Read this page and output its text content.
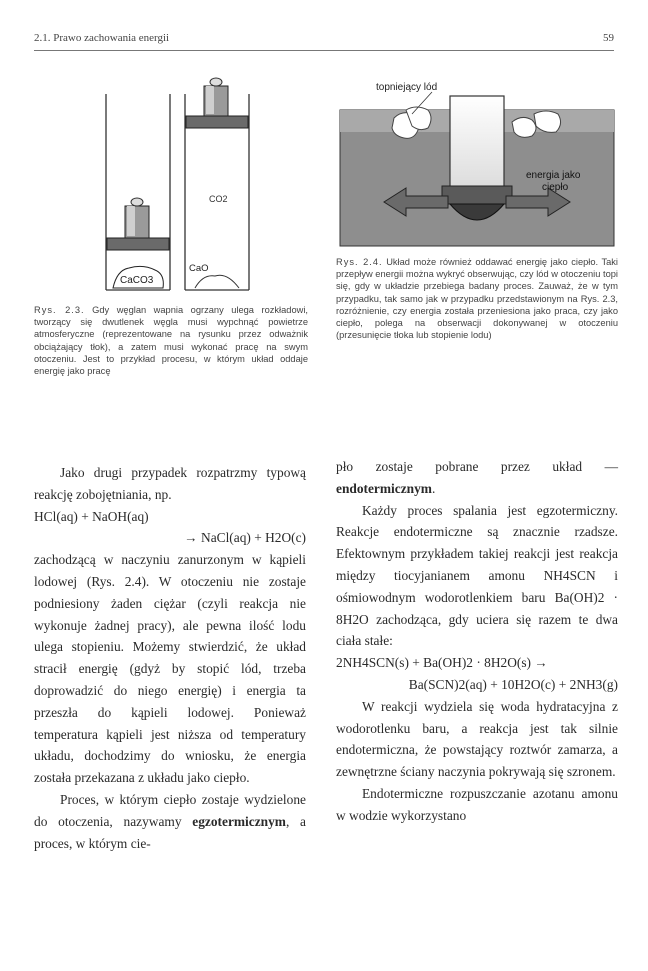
2.1. Prawo zachowania energii	59
CaCO3
CO2
CaO
topniejący lód
energia jako
ciepło
Rys. 2.3. Gdy węglan wapnia ogrzany ulega rozkładowi, tworzący się dwutlenek węgla musi wypchnąć powietrze atmosferyczne (reprezentowane na rysunku przez odważnik obciążający tłok), a zatem musi wykonać pracę na swym otoczeniu. Jest to przykład procesu, w którym układ oddaje energię jako pracę
Rys. 2.4. Układ może również oddawać energię jako ciepło. Taki przepływ energii można wykryć obserwując, czy lód w otoczeniu topi się, gdy w układzie przebiega badany proces. Zauważ, że w tym przypadku, tak samo jak w przypadku przedstawionym na Rys. 2.3, rozróżnienie, czy energia została przeniesiona jako praca, czy jako ciepło, polega na obserwacji dokonywanej w otoczeniu (przesunięcie tłoka lub stopienie lodu)

Jako drugi przypadek rozpatrzmy typową reakcję zobojętniania, np.

HCl(aq) + NaOH(aq)

→ NaCl(aq) + H2O(c)

zachodzącą w naczyniu zanurzonym w kąpieli lodowej (Rys. 2.4). W otoczeniu nie zostaje podniesiony żaden ciężar (czyli reakcja nie wykonuje żadnej pracy), ale pewna ilość lodu ulega stopieniu. Możemy stwierdzić, że układ stracił energię (gdyż by stopić lód, trzeba doprowadzić do niego energię) i energia ta przeszła do kąpieli lodowej. Ponieważ temperatura kąpieli jest niższa od temperatury układu, dochodzimy do wniosku, że energia została przekazana z układu jako ciepło.

Proces, w którym ciepło zostaje wydzielone do otoczenia, nazywamy egzotermicznym, a proces, w którym cie-

pło zostaje pobrane przez układ — endotermicznym.

Każdy proces spalania jest egzotermiczny. Reakcje endotermiczne są znacznie rzadsze. Efektownym przykładem takiej reakcji jest reakcja między tiocyjanianem amonu NH4SCN i ośmiowodnym wodorotlenkiem baru Ba(OH)2 · 8H2O zachodząca, gdy ucierа się razem te dwa ciała stałe:

2NH4SCN(s) + Ba(OH)2 · 8H2O(s) →

Ba(SCN)2(aq) + 10H2O(c) + 2NH3(g)

W reakcji wydziela się woda hydratacyjna z wodorotlenku baru, a reakcja jest tak silnie endotermiczna, że powstający roztwór zamarza, a zewnętrzne ściany naczynia pokrywają się szronem.

Endotermiczne rozpuszczanie azotanu amonu w wodzie wykorzystano
